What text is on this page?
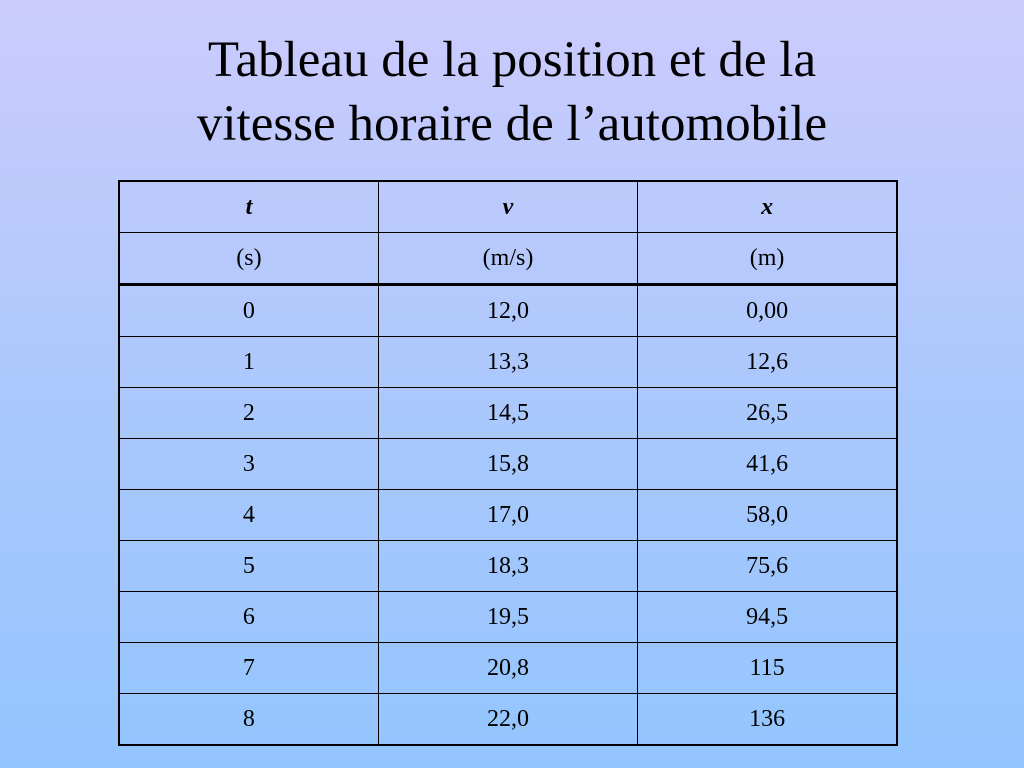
Tableau de la position et de la
vitesse horaire de l’automobile
t	v	x
(s)	(m/s)	(m)
0	12,0	0,00
1	13,3	12,6
2	14,5	26,5
3	15,8	41,6
4	17,0	58,0
5	18,3	75,6
6	19,5	94,5
7	20,8	115
8	22,0	136
